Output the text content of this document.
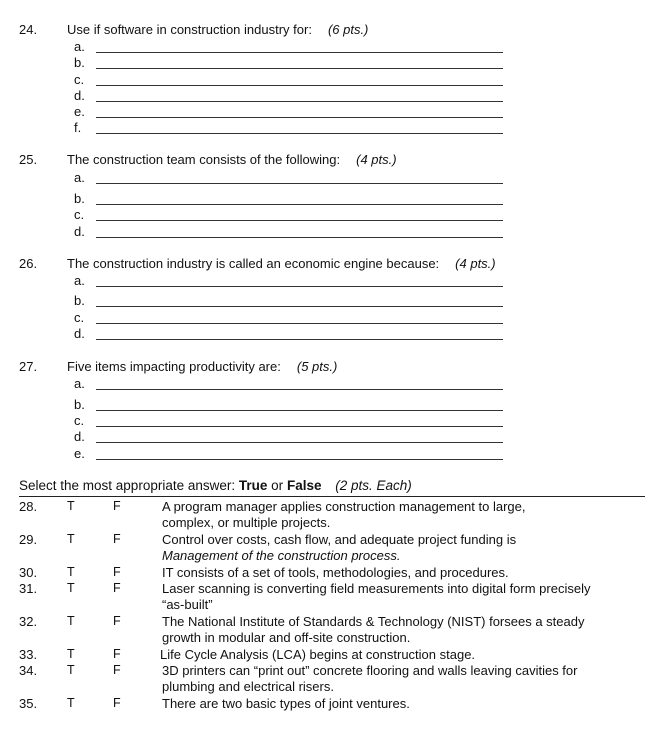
24. Use if software in construction industry for: (6 pts.)
a.
b.
c.
d.
e.
f.
25. The construction team consists of the following: (4 pts.)
a.
b.
c.
d.
26. The construction industry is called an economic engine because: (4 pts.)
a.
b.
c.
d.
27. Five items impacting productivity are: (5 pts.)
a.
b.
c.
d.
e.
Select the most appropriate answer: True or False (2 pts. Each)
28. T	F	A program manager applies construction management to large,
complex, or multiple projects.
29. T	F	Control over costs, cash flow, and adequate project funding is
Management of the construction process.
30. T	F	IT consists of a set of tools, methodologies, and procedures.
31. T	F	Laser scanning is converting field measurements into digital form precisely
“as-built”
32. T	F	The National Institute of Standards & Technology (NIST) forsees a steady
growth in modular and off-site construction.
33. T	F	Life Cycle Analysis (LCA) begins at construction stage.
34. T	F	3D printers can “print out” concrete flooring and walls leaving cavities for
plumbing and electrical risers.
35. T	F	There are two basic types of joint ventures.
